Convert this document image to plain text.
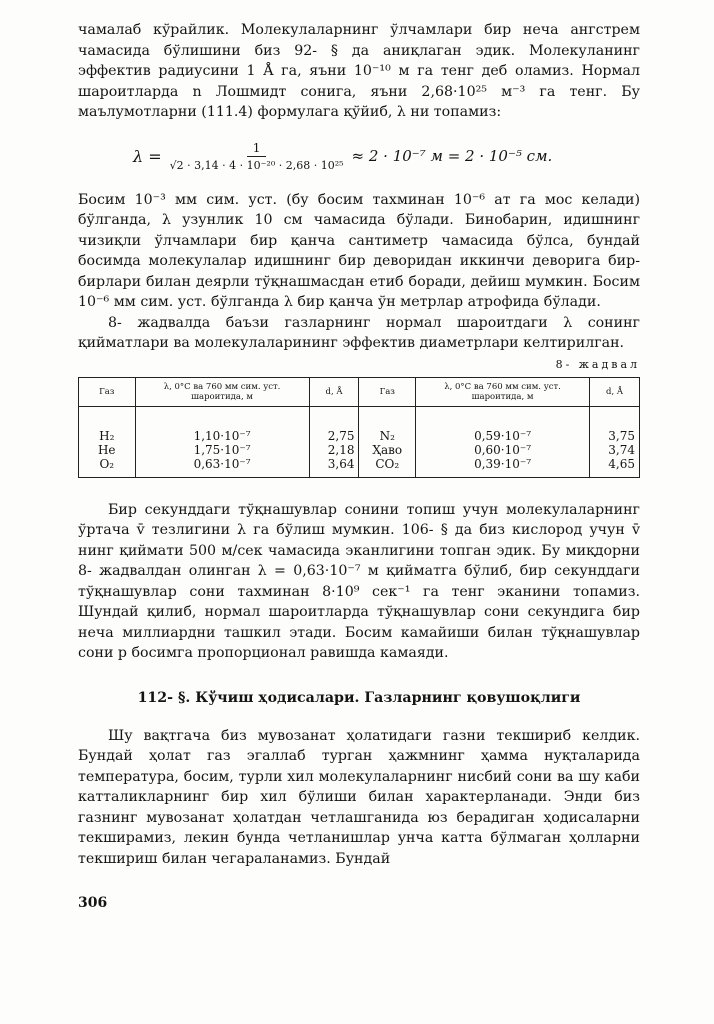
чамалаб кўрайлик. Молекулаларнинг ўлчамлари бир неча ангстрем чамасида бўлишини биз 92- § да аниқлаган эдик. Молекуланинг эффектив радиусини 1 Å га, яъни 10⁻¹⁰ м га тенг деб оламиз. Нормал шароитларда n Лошмидт сонига, яъни 2,68·10²⁵ м⁻³ га тенг. Бу маълумотларни (111.4) формулага қўйиб, λ ни топамиз:

$\lambda = \frac{1}{\text{√2 · 3,14 · 4 · 10⁻²⁰ · 2,68 · 10²⁵}} \approx 2 \cdot 10^{-7}$ м = 2 · 10⁻⁵ см.

Босим 10⁻³ мм сим. уст. (бу босим тахминан 10⁻⁶ ат га мос келади) бўлганда, λ узунлик 10 см чамасида бўлади. Бинобарин, идишнинг чизиқли ўлчамлари бир қанча сантиметр чамасида бўлса, бундай босимда молекулалар идишнинг бир деворидан иккинчи деворига бир-бирлари билан деярли тўқнашмасдан етиб боради, дейиш мумкин. Босим 10⁻⁶ мм сим. уст. бўлганда λ бир қанча ўн метрлар атрофида бўлади.

8- жадвалда баъзи газларнинг нормал шароитдаги λ сонинг қийматлари ва молекулаларининг эффектив диаметрлари келтирилган.

8- жадвал
Газ	λ, 0°C ва 760 мм сим. уст. шароитида, м	d, Å	Газ	λ, 0°C ва 760 мм сим. уст. шароитида, м	d, Å

H₂	1,10·10⁻⁷	2,75	N₂	0,59·10⁻⁷	3,75
He	1,75·10⁻⁷	2,18	Ҳаво	0,60·10⁻⁷	3,74
O₂	0,63·10⁻⁷	3,64	CO₂	0,39·10⁻⁷	4,65

Бир секунддаги тўқнашувлар сонини топиш учун молекулаларнинг ўртача v̄ тезлигини λ га бўлиш мумкин. 106- § да биз кислород учун v̄ нинг қиймати 500 м/сек чамасида эканлигини топган эдик. Бу миқдорни 8- жадвалдан олинган λ = 0,63·10⁻⁷ м қийматга бўлиб, бир секунддаги тўқнашувлар сони тахминан 8·10⁹ сек⁻¹ га тенг эканини топамиз. Шундай қилиб, нормал шароитларда тўқнашувлар сони секундига бир неча миллиардни ташкил этади. Босим камайиши билан тўқнашувлар сони p босимга пропорционал равишда камаяди.

112- §. Кўчиш ҳодисалари. Газларнинг қовушоқлиги

Шу вақтгача биз мувозанат ҳолатидаги газни текшириб келдик. Бундай ҳолат газ эгаллаб турган ҳажмнинг ҳамма нуқталарида температура, босим, турли хил молекулаларнинг нисбий сони ва шу каби катталикларнинг бир хил бўлиши билан характерланади. Энди биз газнинг мувозанат ҳолатдан четлашганида юз берадиган ҳодисаларни текширамиз, лекин бунда четланишлар унча катта бўлмаган ҳолларни текшириш билан чегараланамиз. Бундай

306
